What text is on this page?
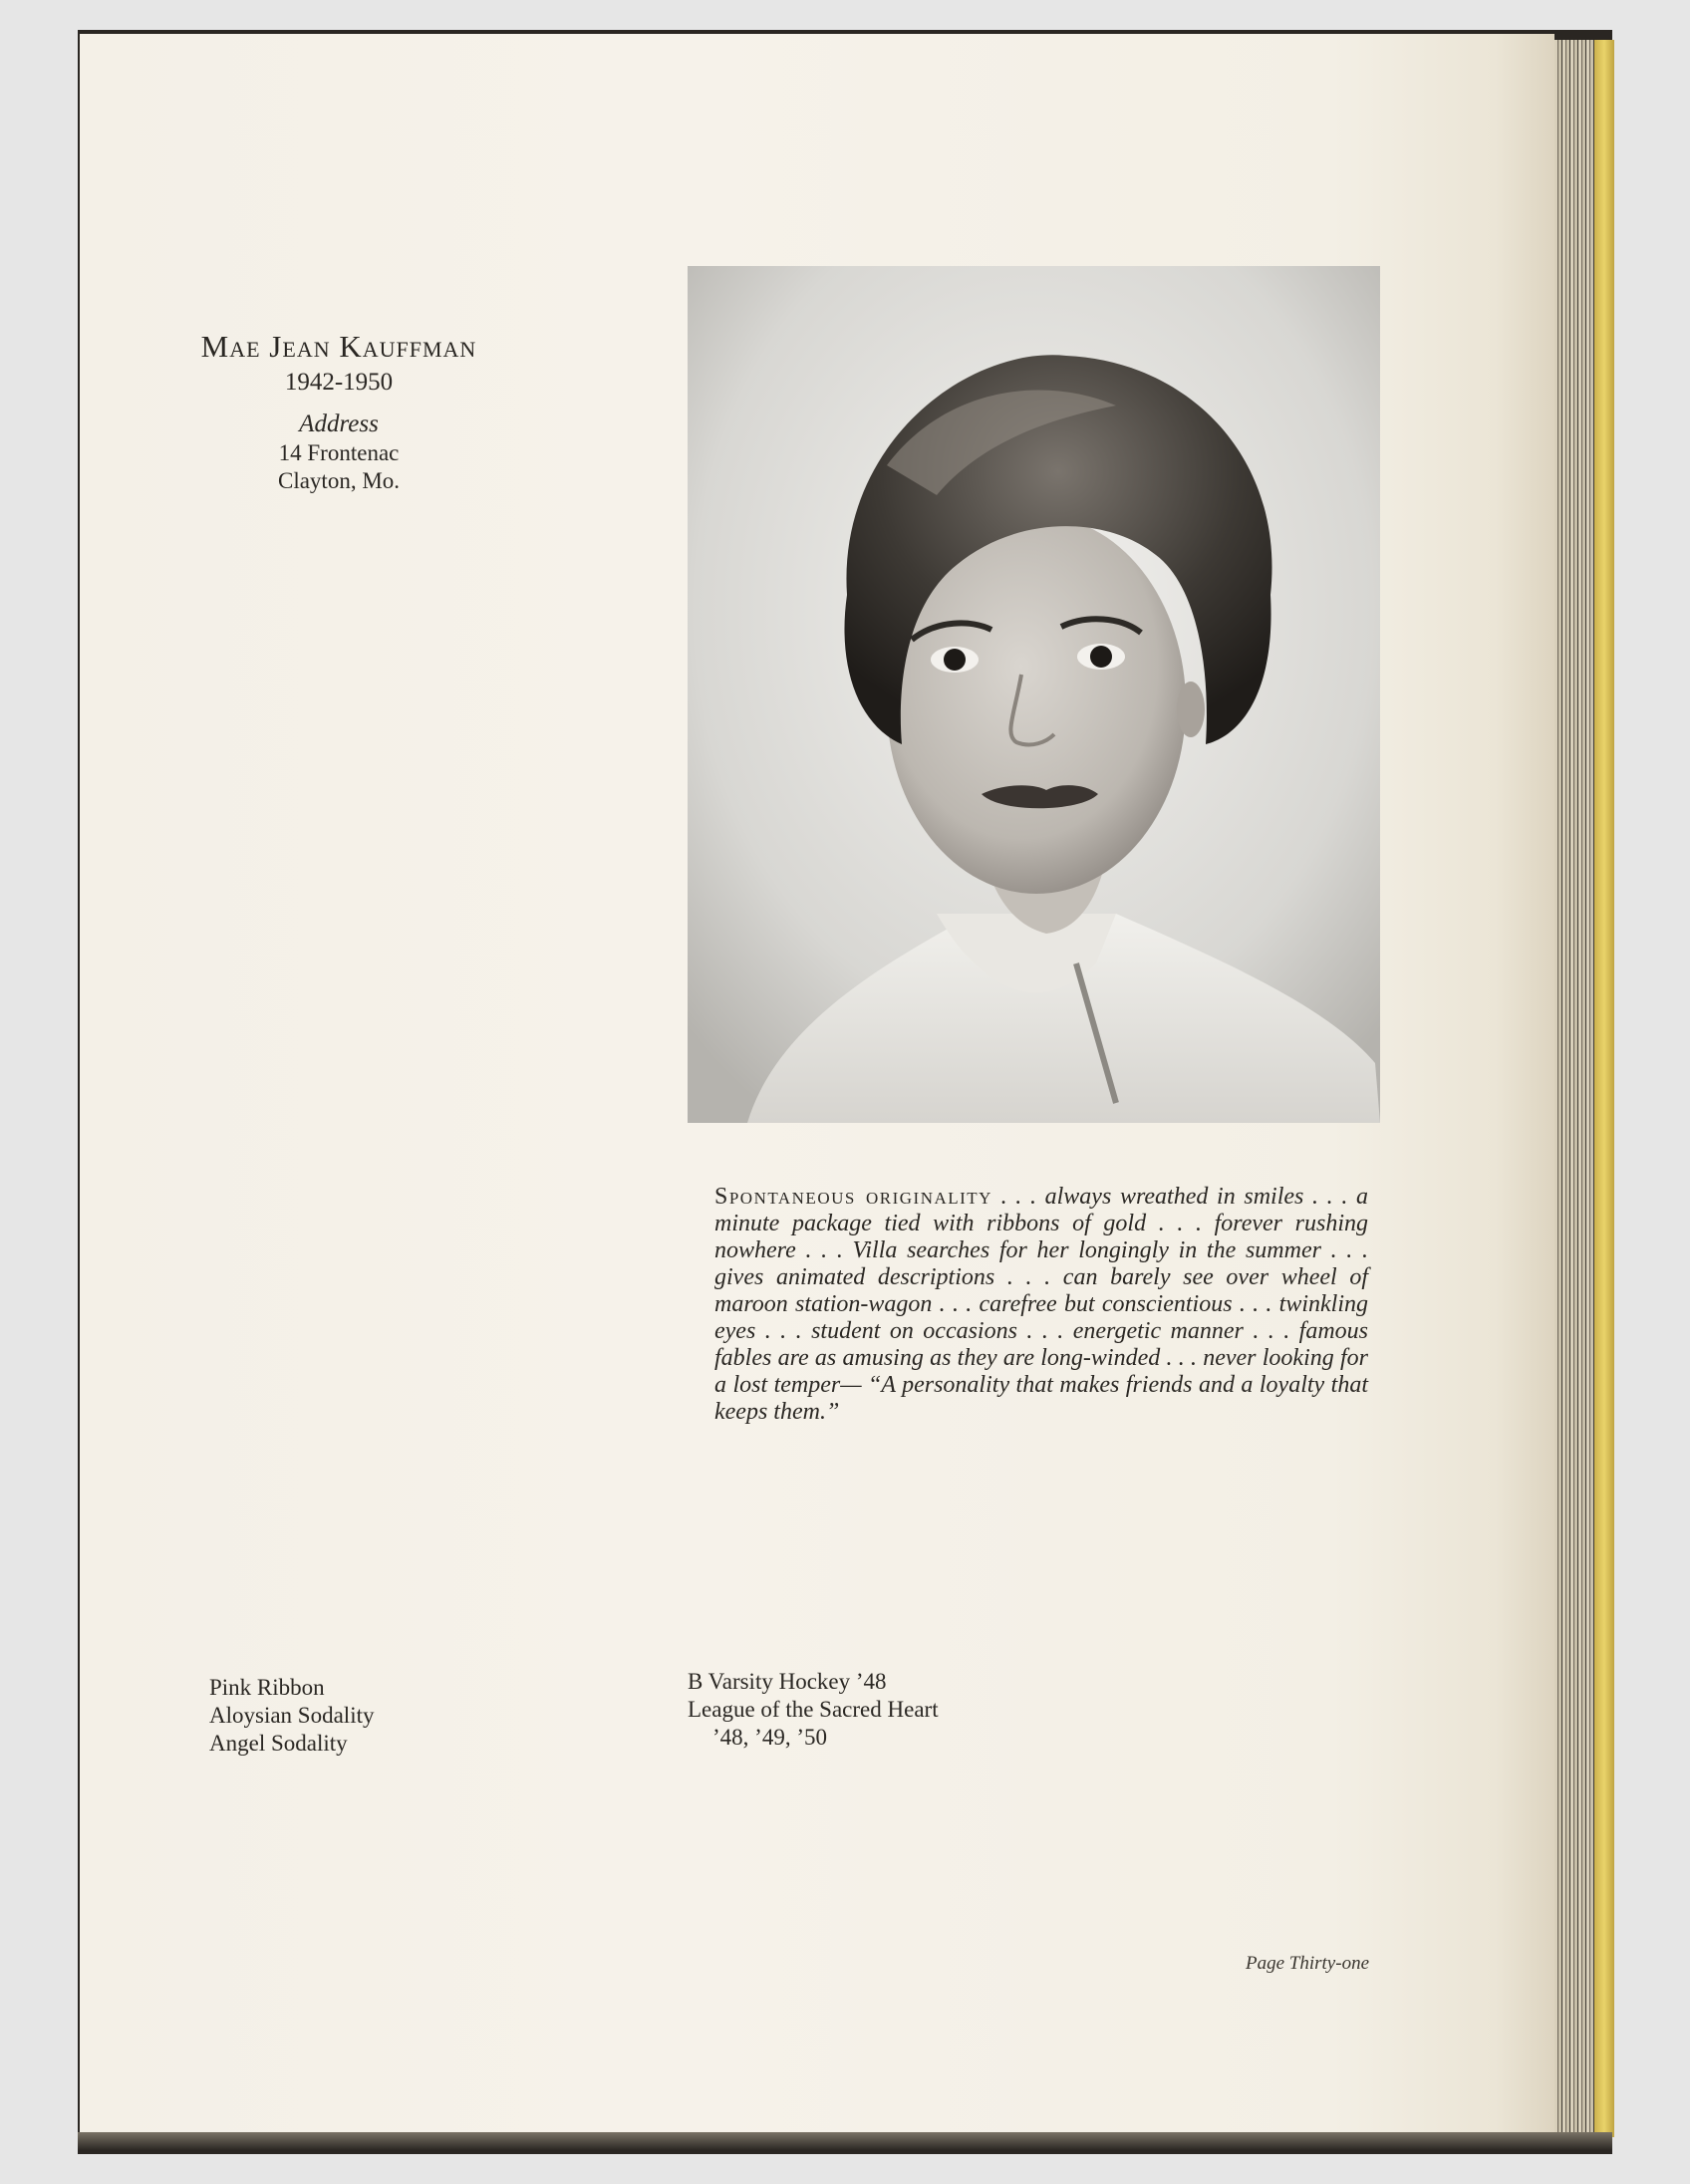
Mae Jean Kauffman
1942-1950
Address
14 Frontenac
Clayton, Mo.
Spontaneous originality . . . always wreathed in smiles . . . a minute package tied with ribbons of gold . . . forever rushing nowhere . . . Villa searches for her longingly in the summer . . . gives animated descriptions . . . can barely see over wheel of maroon station-wagon . . . carefree but conscientious . . . twinkling eyes . . . student on occasions . . . energetic manner . . . famous fables are as amusing as they are long-winded . . . never looking for a lost temper— “A personality that makes friends and a loyalty that keeps them.”
Pink Ribbon
Aloysian Sodality
Angel Sodality
B Varsity Hockey ’48
League of the Sacred Heart
’48, ’49, ’50
Page Thirty-one
